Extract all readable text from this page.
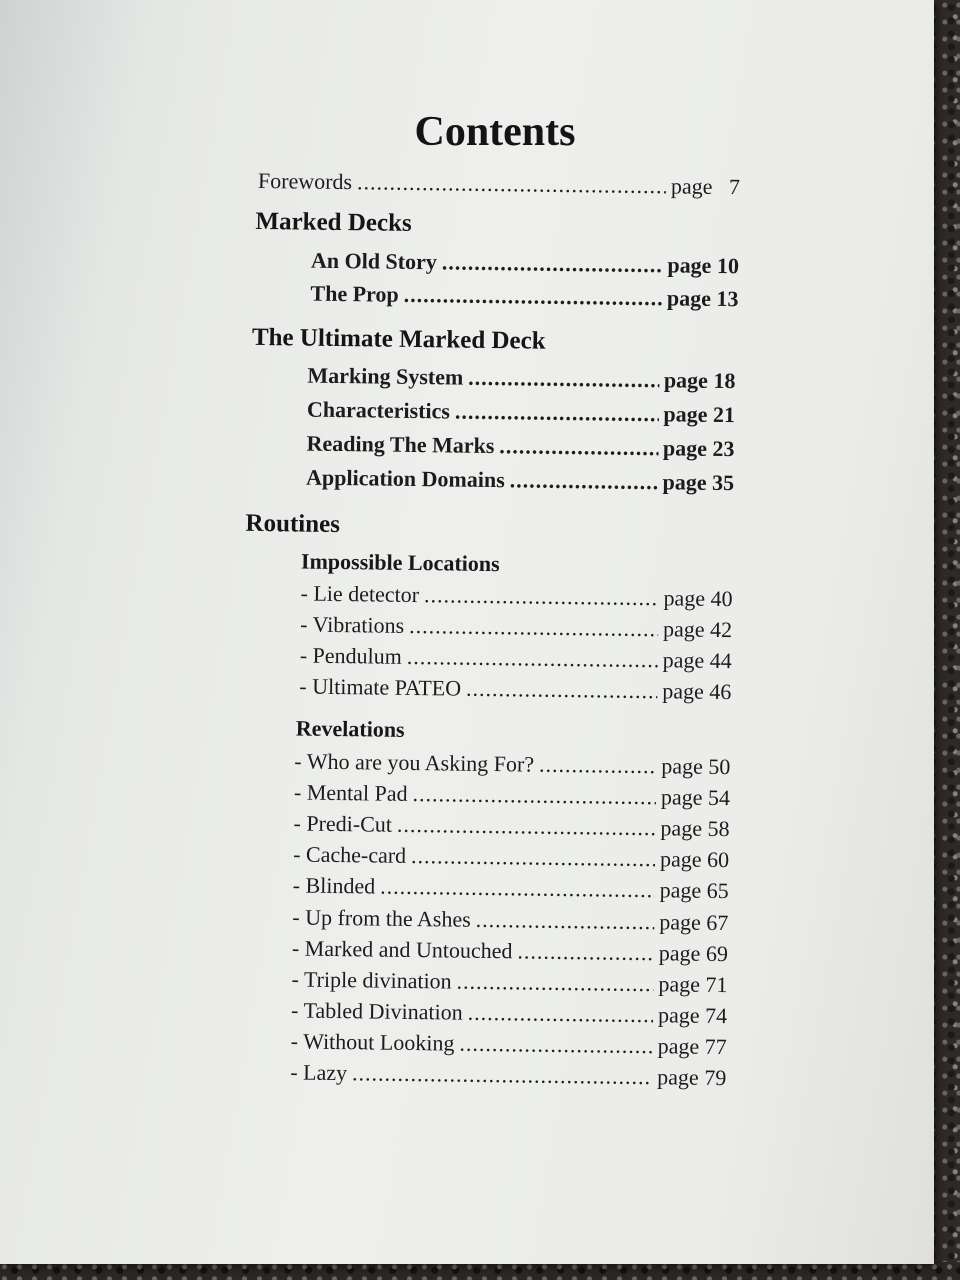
Contents
Forewords .....	page   7
Marked Decks
An Old Story .....	page 10
The Prop .....	page 13
The Ultimate Marked Deck
Marking System .....	page 18
Characteristics .....	page 21
Reading The Marks .....	page 23
Application Domains .....	page 35
Routines
Impossible Locations
- Lie detector .....	page 40
- Vibrations .....	page 42
- Pendulum .....	page 44
- Ultimate PATEO .....	page 46
Revelations
- Who are you Asking For? .....	page 50
- Mental Pad .....	page 54
- Predi-Cut .....	page 58
- Cache-card .....	page 60
- Blinded .....	page 65
- Up from the Ashes .....	page 67
- Marked and Untouched .....	page 69
- Triple divination .....	page 71
- Tabled Divination .....	page 74
- Without Looking .....	page 77
- Lazy .....	page 79
